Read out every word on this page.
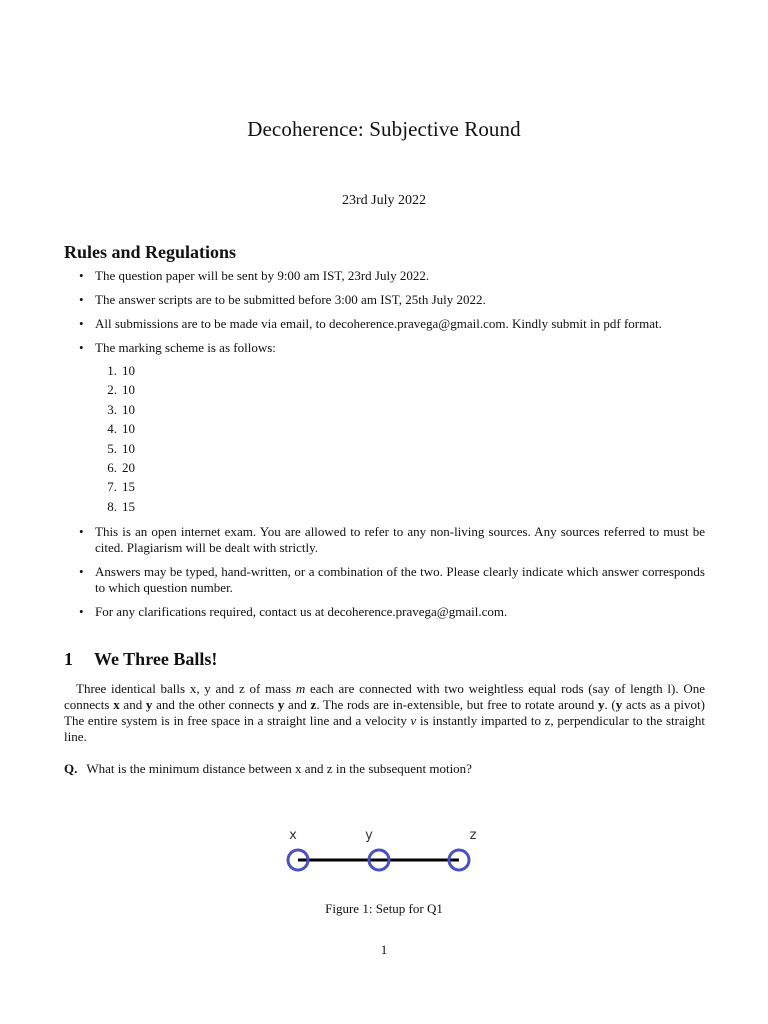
Decoherence: Subjective Round
23rd July 2022
Rules and Regulations
• The question paper will be sent by 9:00 am IST, 23rd July 2022.
• The answer scripts are to be submitted before 3:00 am IST, 25th July 2022.
• All submissions are to be made via email, to decoherence.pravega@gmail.com. Kindly submit in pdf format.
• The marking scheme is as follows:
1. 10
2. 10
3. 10
4. 10
5. 10
6. 20
7. 15
8. 15
• This is an open internet exam. You are allowed to refer to any non-living sources. Any sources referred to must be cited. Plagiarism will be dealt with strictly.
• Answers may be typed, hand-written, or a combination of the two. Please clearly indicate which answer corresponds to which question number.
• For any clarifications required, contact us at decoherence.pravega@gmail.com.
1 We Three Balls!

Three identical balls x, y and z of mass m each are connected with two weightless equal rods (say of length l). One connects x and y and the other connects y and z. The rods are in-extensible, but free to rotate around y. (y acts as a pivot) The entire system is in free space in a straight line and a velocity v is instantly imparted to z, perpendicular to the straight line.

Q. What is the minimum distance between x and z in the subsequent motion?

x	y	z
Figure 1: Setup for Q1
1
